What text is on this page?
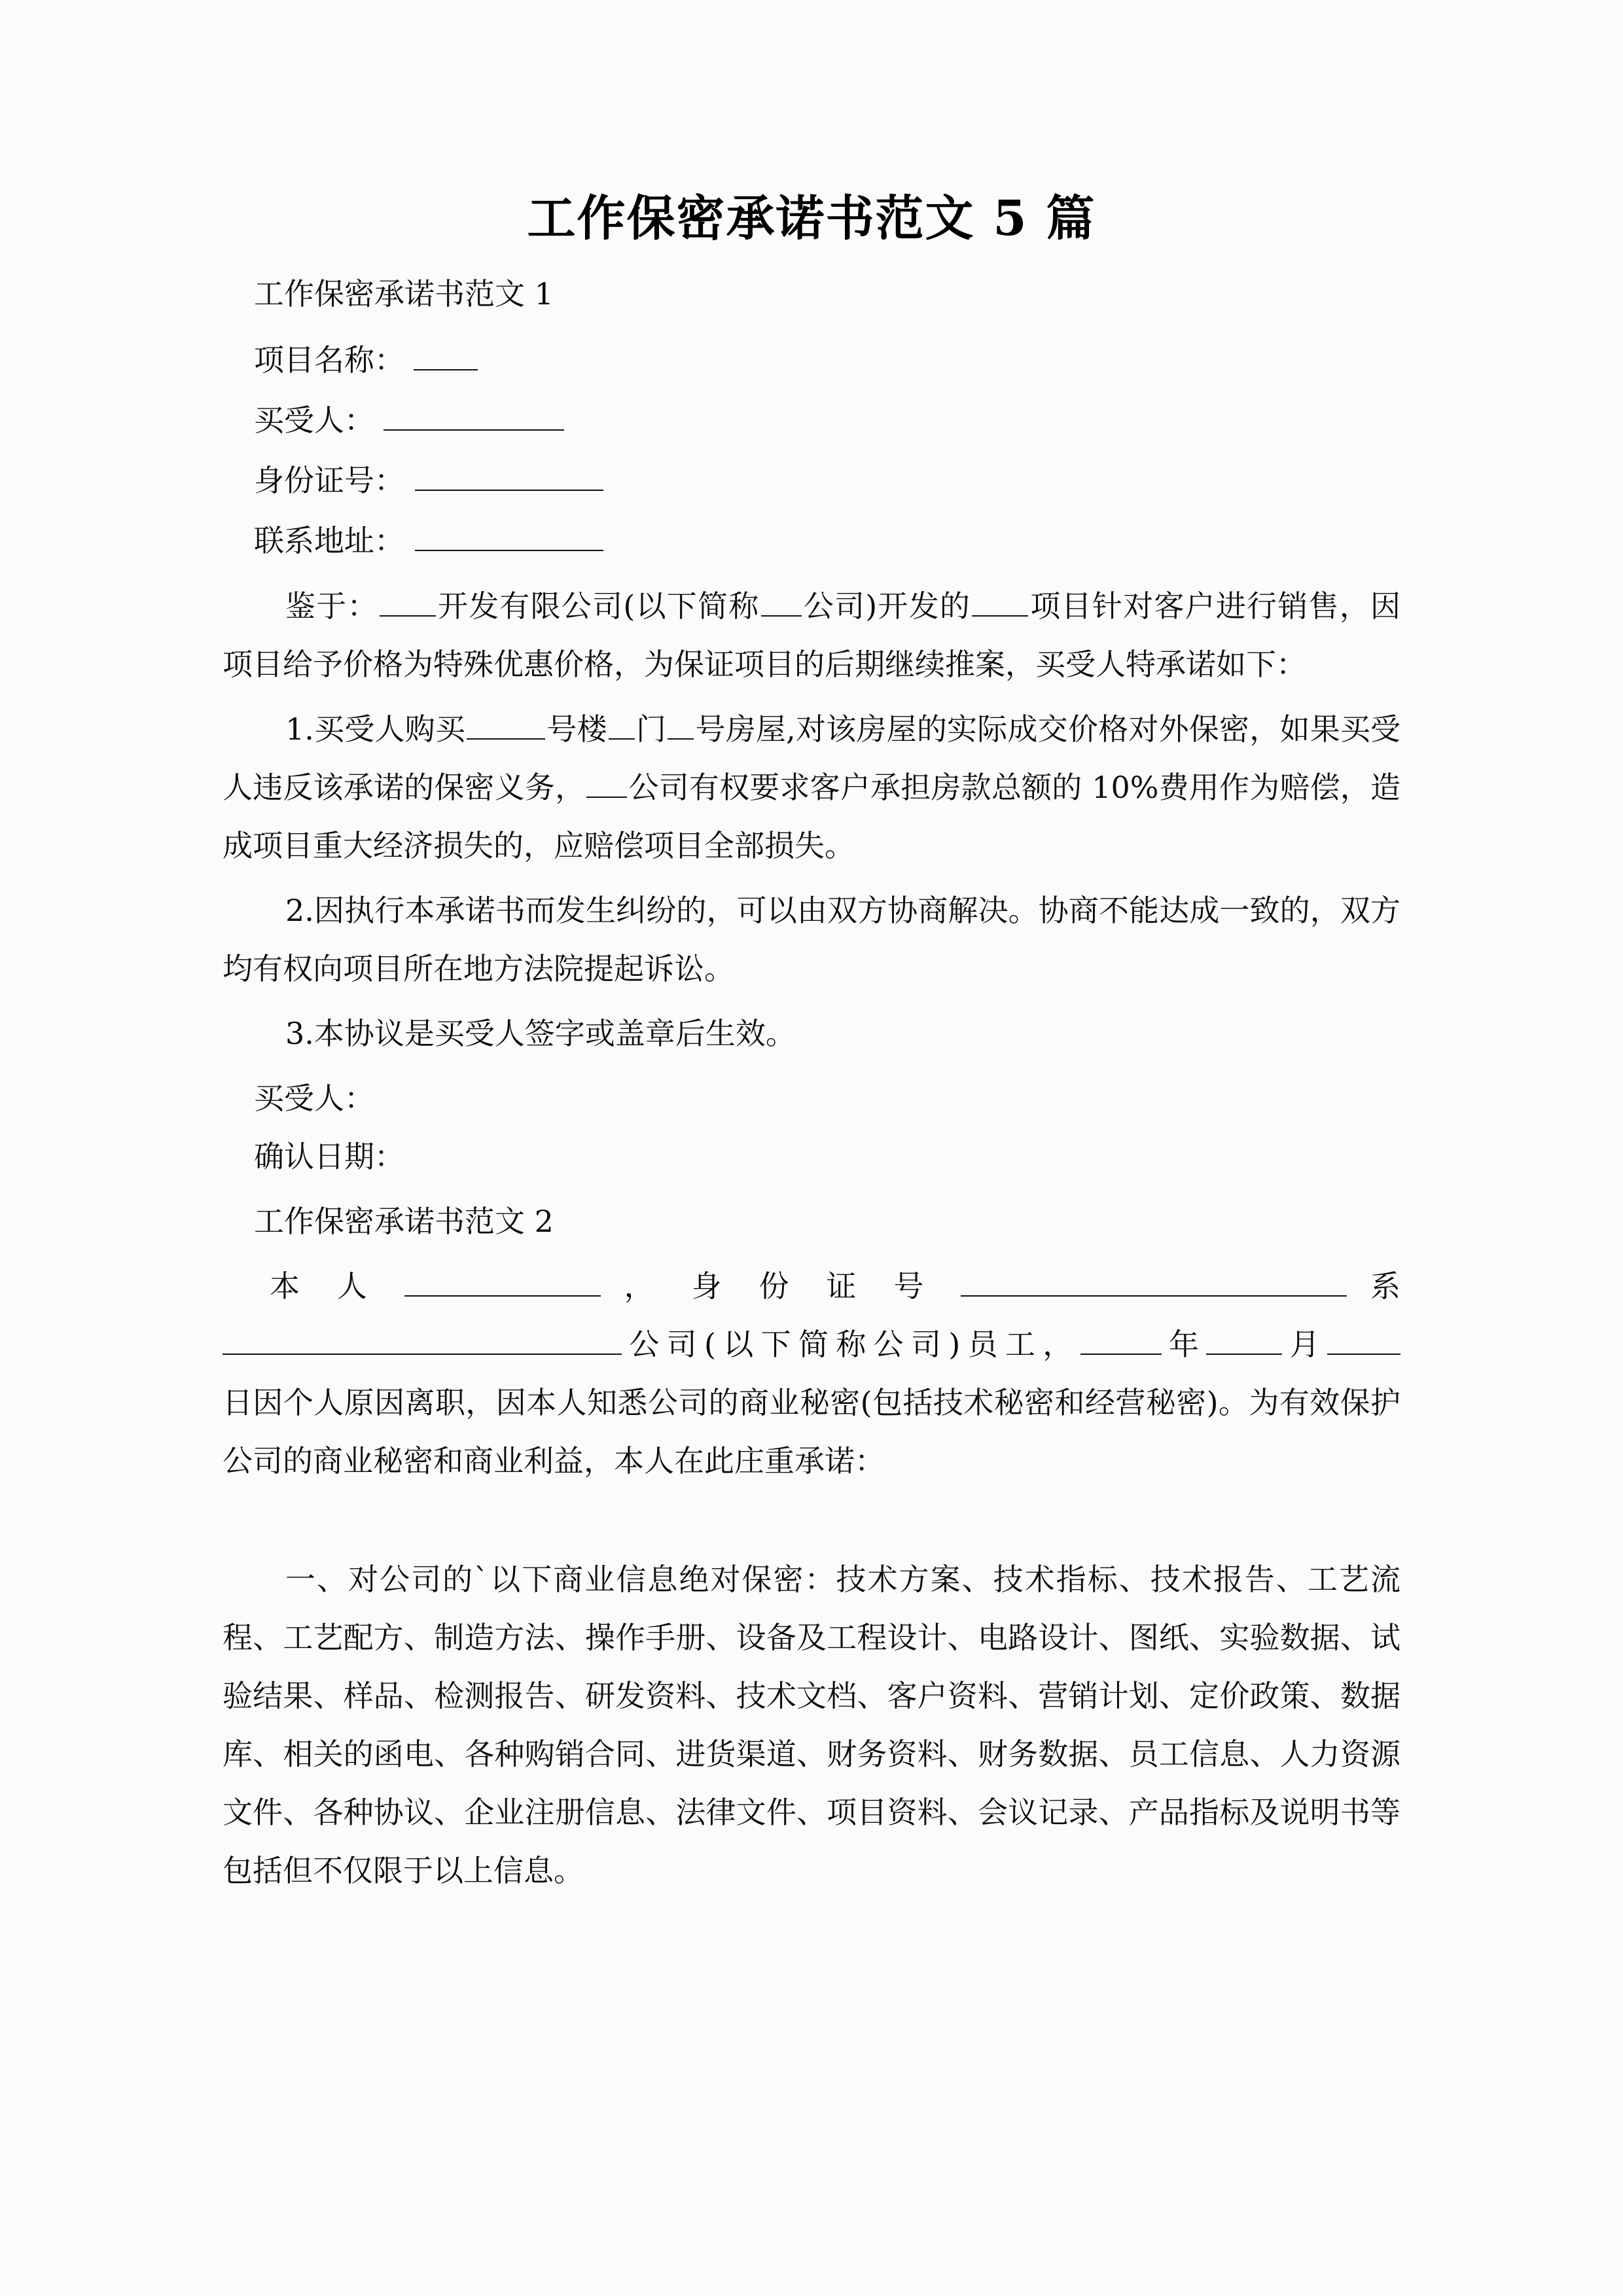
工作保密承诺书范文 5 篇

工作保密承诺书范文 1

项目名称：

买受人：

身份证号：

联系地址：

鉴于： 开发有限公司(以下简称 公司)开发的 项目针对客户进行销售，因项目给予价格为特殊优惠价格，为保证项目的后期继续推案，买受人特承诺如下：

1.买受人购买	号楼 门 号房屋,对该房屋的实际成交价格对外保密，如果买受人违反该承诺的保密义务， 公司有权要求客户承担房款总额的 10%费用作为赔偿，造成项目重大经济损失的，应赔偿项目全部损失。

2.因执行本承诺书而发生纠纷的，可以由双方协商解决。协商不能达成一致的，双方均有权向项目所在地方法院提起诉讼。

3.本协议是买受人签字或盖章后生效。

买受人：

确认日期：

工作保密承诺书范文 2

本 人	， 身 份 证 号	系

公司(以下简称公司)员工，	年	月

日因个人原因离职，因本人知悉公司的商业秘密(包括技术秘密和经营秘密)。为有效保护公司的商业秘密和商业利益，本人在此庄重承诺：

一、对公司的`以下商业信息绝对保密：技术方案、技术指标、技术报告、工艺流程、工艺配方、制造方法、操作手册、设备及工程设计、电路设计、图纸、实验数据、试验结果、样品、检测报告、研发资料、技术文档、客户资料、营销计划、定价政策、数据库、相关的函电、各种购销合同、进货渠道、财务资料、财务数据、员工信息、人力资源文件、各种协议、企业注册信息、法律文件、项目资料、会议记录、产品指标及说明书等包括但不仅限于以上信息。
